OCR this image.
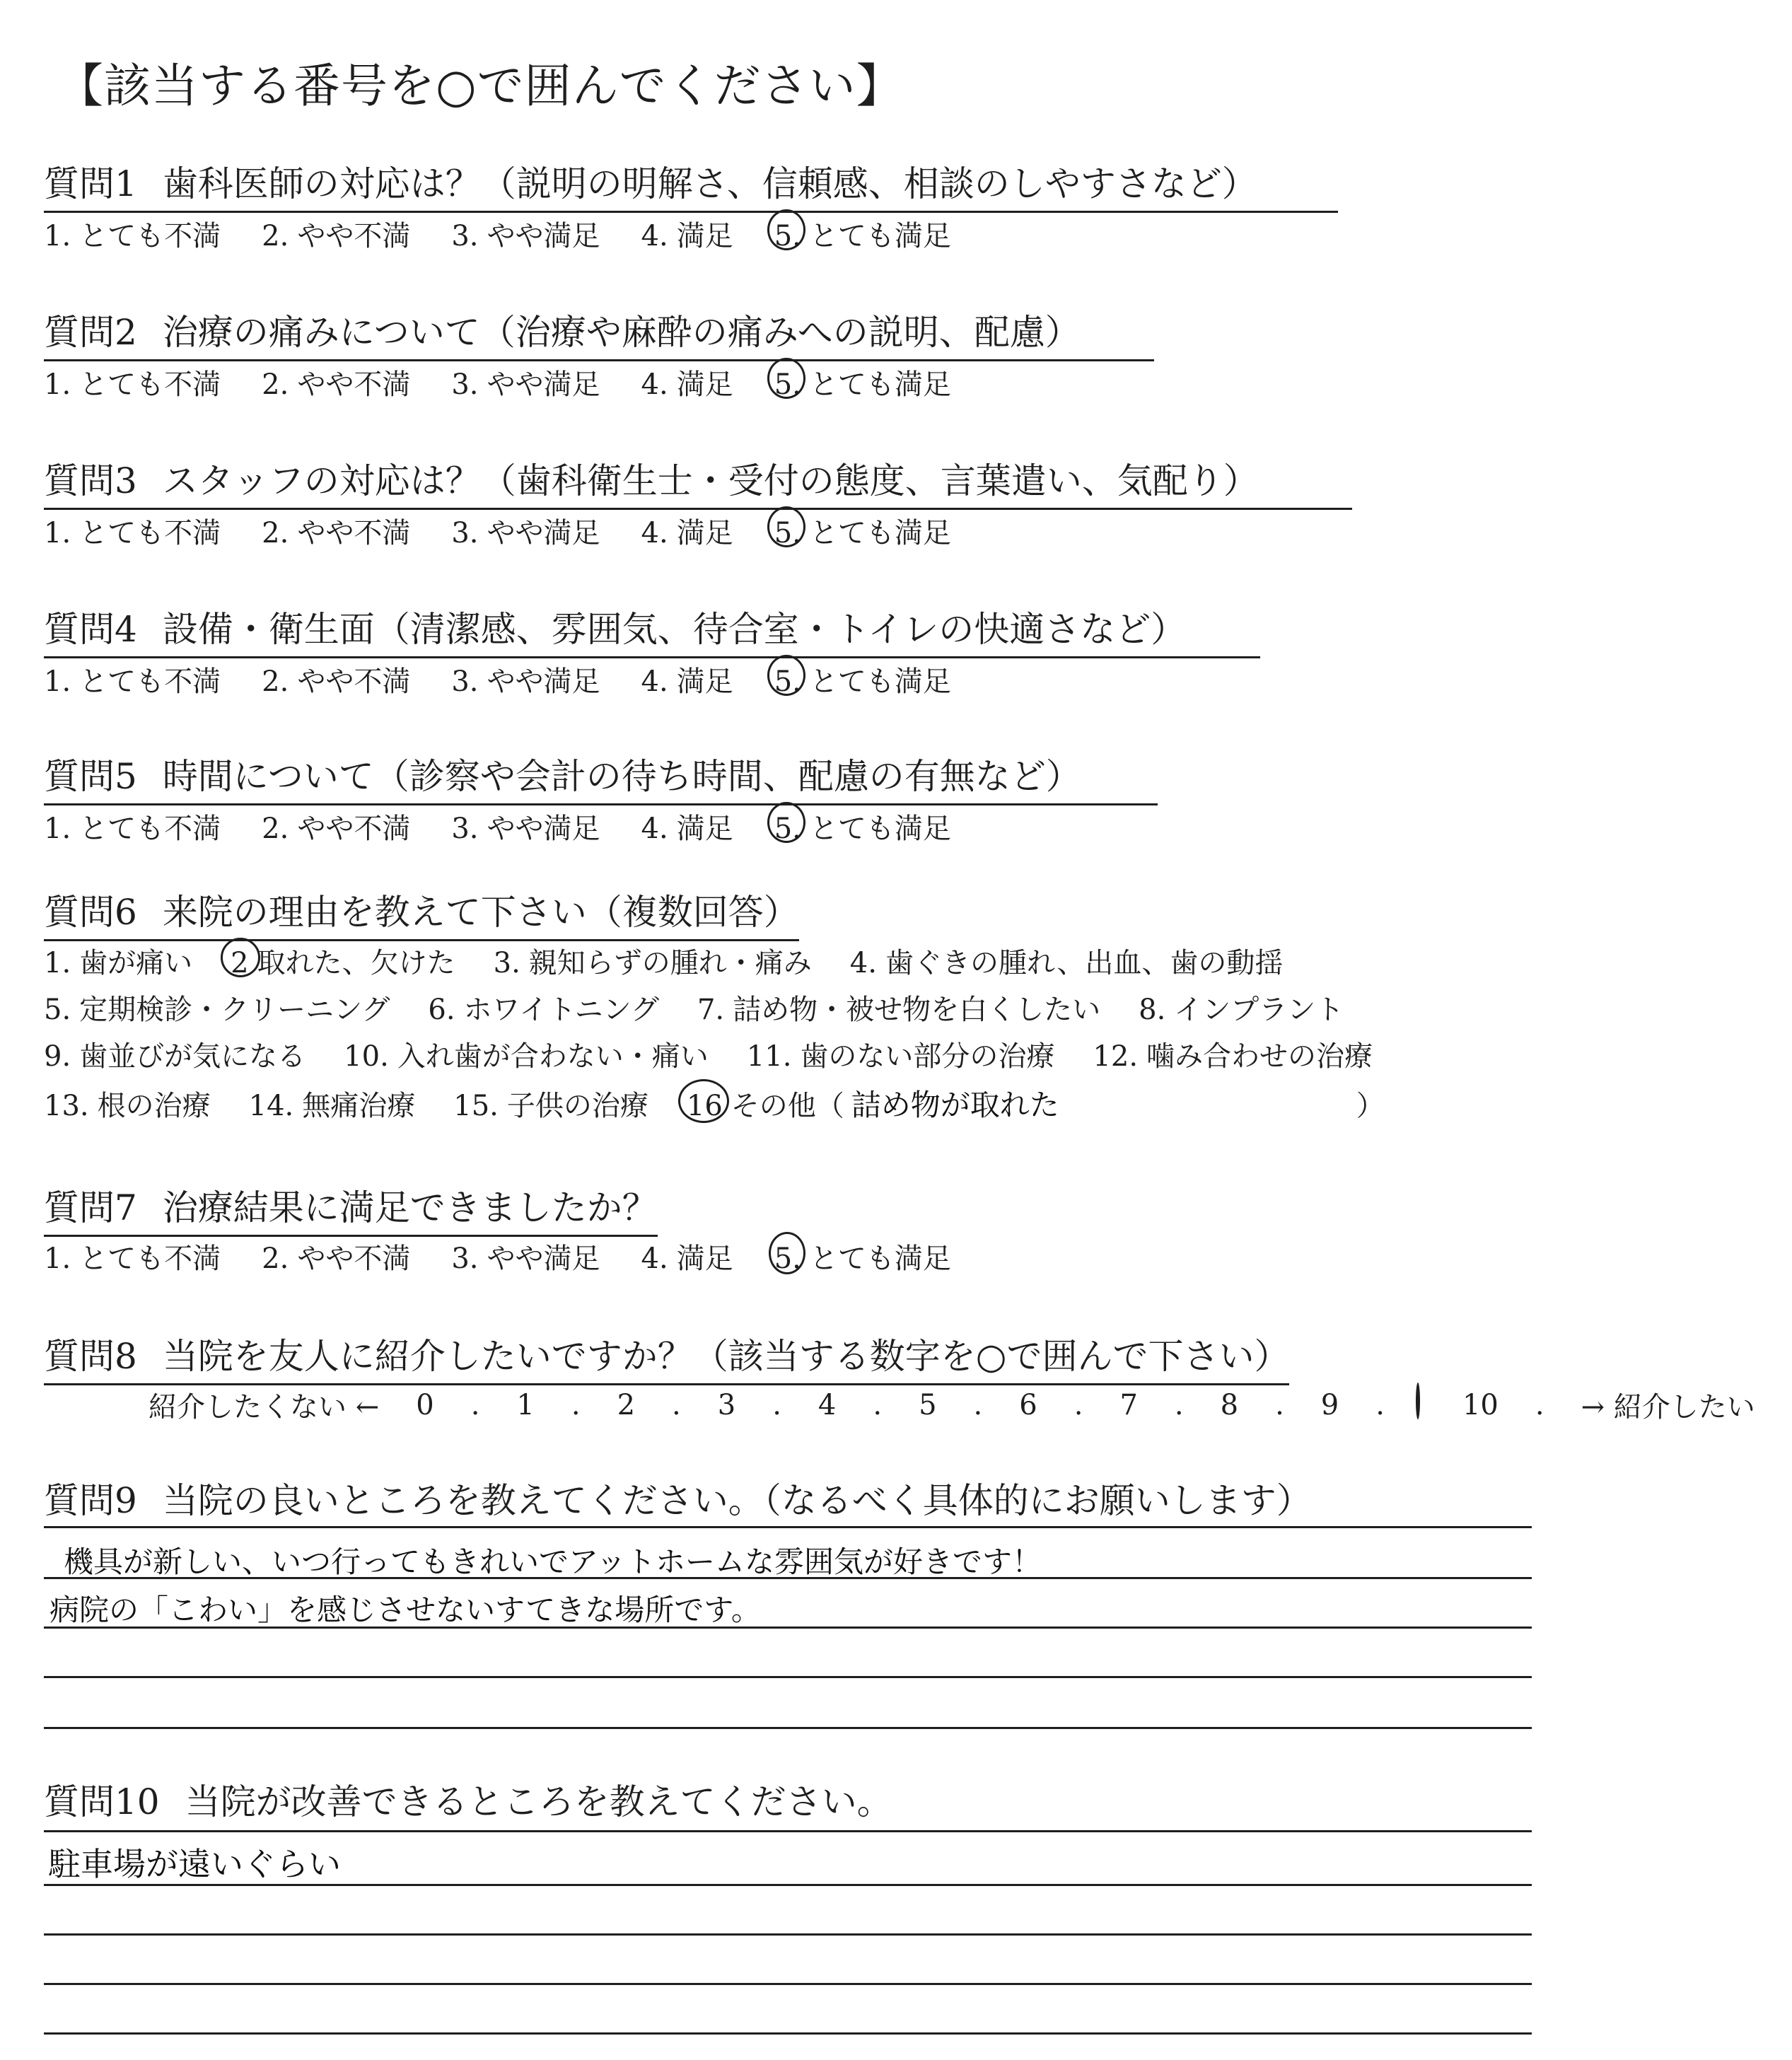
【該当する番号を○で囲んでください】
質問1 歯科医師の対応は？（説明の明解さ、信頼感、相談のしやすさなど）
1. とても不満 2. やや不満 3. やや満足 4. 満足 5. とても満足
質問2 治療の痛みについて（治療や麻酔の痛みへの説明、配慮）
1. とても不満 2. やや不満 3. やや満足 4. 満足 5. とても満足
質問3 スタッフの対応は？（歯科衛生士・受付の態度、言葉遣い、気配り）
1. とても不満 2. やや不満 3. やや満足 4. 満足 5. とても満足
質問4 設備・衛生面（清潔感、雰囲気、待合室・トイレの快適さなど）
1. とても不満 2. やや不満 3. やや満足 4. 満足 5. とても満足
質問5 時間について（診察や会計の待ち時間、配慮の有無など）
1. とても不満 2. やや不満 3. やや満足 4. 満足 5. とても満足
質問6 来院の理由を教えて下さい（複数回答）
1. 歯が痛い 2 取れた、欠けた 3. 親知らずの腫れ・痛み 4. 歯ぐきの腫れ、出血、歯の動揺
5. 定期検診・クリーニング 6. ホワイトニング 7. 詰め物・被せ物を白くしたい 8. インプラント
9. 歯並びが気になる 10. 入れ歯が合わない・痛い 11. 歯のない部分の治療 12. 噛み合わせの治療
13. 根の治療 14. 無痛治療 15. 子供の治療 16 その他（ 詰め物が取れた	）
質問7 治療結果に満足できましたか？
1. とても不満 2. やや不満 3. やや満足 4. 満足 5. とても満足
質問8 当院を友人に紹介したいですか？（該当する数字を○で囲んで下さい）
紹介したくない ← 0 . 1 . 2 . 3 . 4 . 5 . 6 . 7 . 8 . 9 .	10 . → 紹介したい
質問9 当院の良いところを教えてください。（なるべく具体的にお願いします）
機具が新しい、いつ行ってもきれいでアットホームな雰囲気が好きです！
病院の「こわい」を感じさせないすてきな場所です。
質問10 当院が改善できるところを教えてください。
駐車場が遠いぐらい
